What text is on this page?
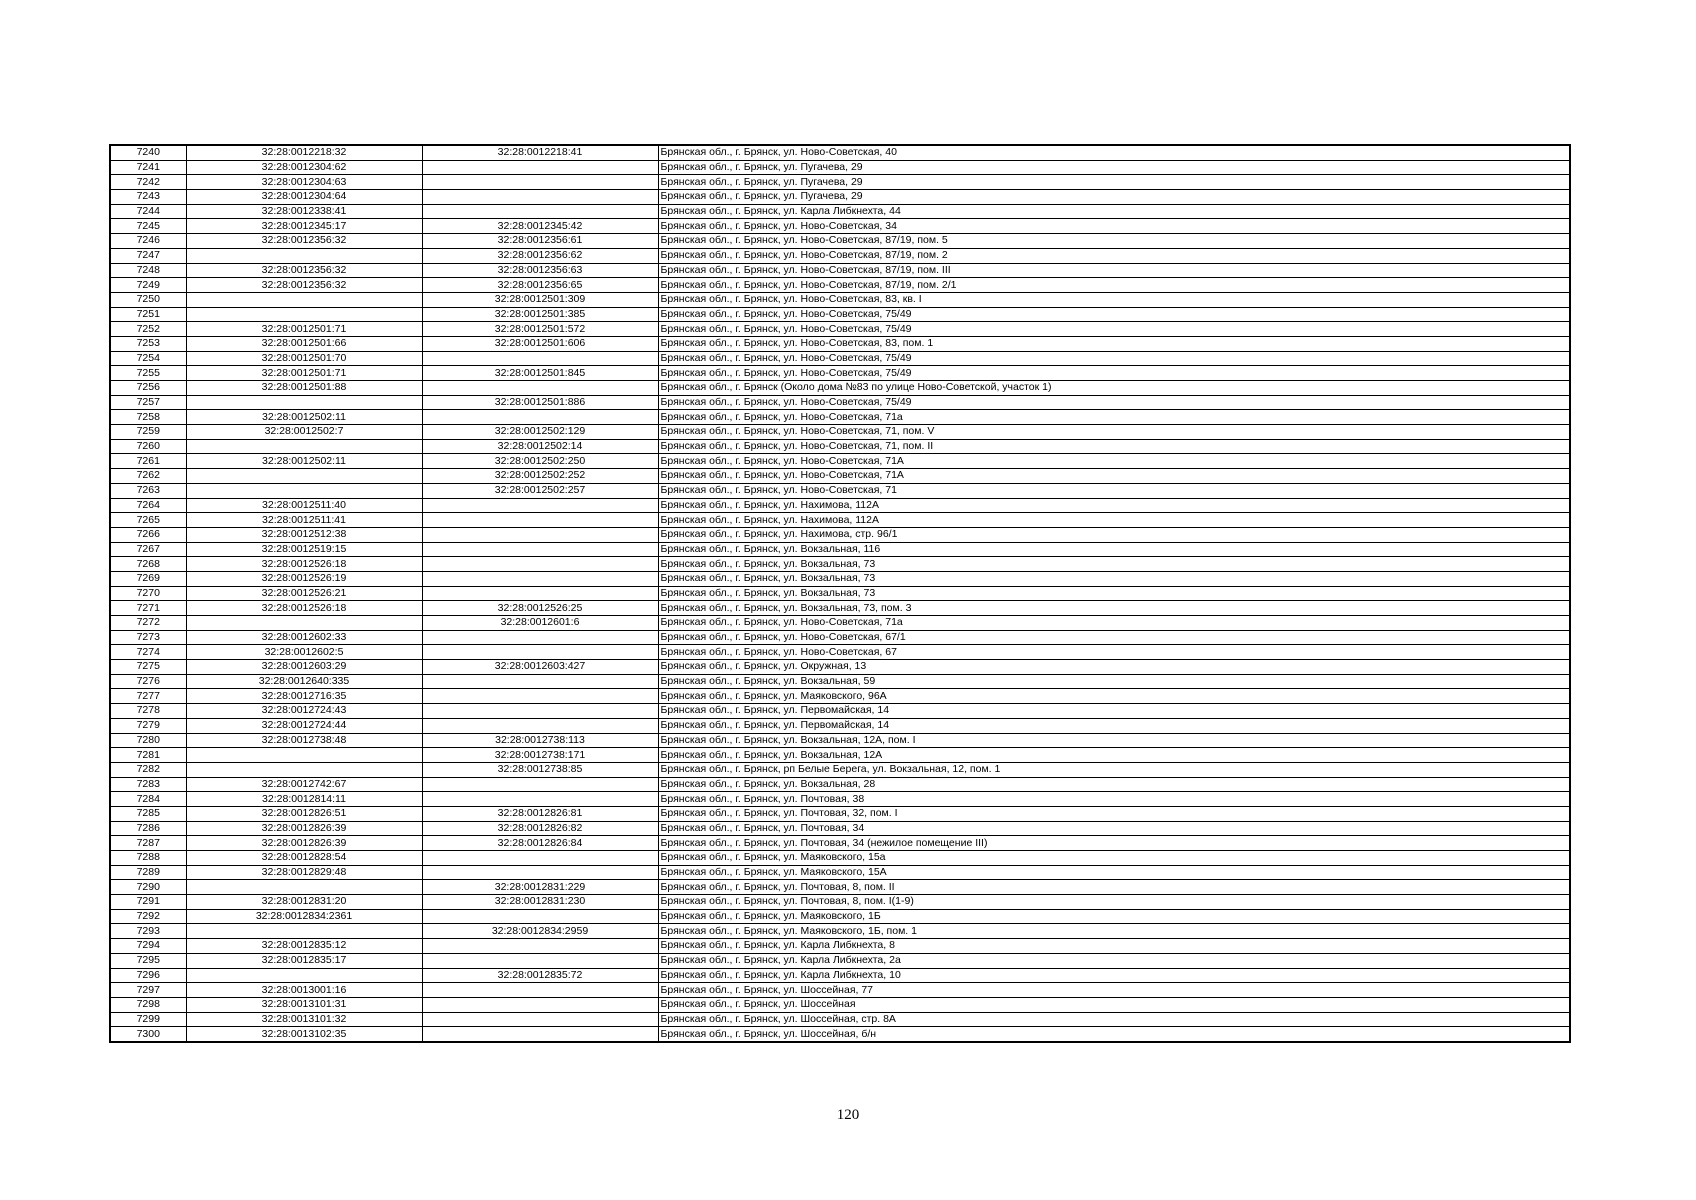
7240	32:28:0012218:32	32:28:0012218:41	Брянская обл., г. Брянск, ул. Ново-Советская, 40
7241	32:28:0012304:62		Брянская обл., г. Брянск, ул. Пугачева, 29
7242	32:28:0012304:63		Брянская обл., г. Брянск, ул. Пугачева, 29
7243	32:28:0012304:64		Брянская обл., г. Брянск, ул. Пугачева, 29
7244	32:28:0012338:41		Брянская обл., г. Брянск, ул. Карла Либкнехта, 44
7245	32:28:0012345:17	32:28:0012345:42	Брянская обл., г. Брянск, ул. Ново-Советская, 34
7246	32:28:0012356:32	32:28:0012356:61	Брянская обл., г. Брянск, ул. Ново-Советская, 87/19, пом. 5
7247		32:28:0012356:62	Брянская обл., г. Брянск, ул. Ново-Советская, 87/19, пом. 2
7248	32:28:0012356:32	32:28:0012356:63	Брянская обл., г. Брянск, ул. Ново-Советская, 87/19, пом. III
7249	32:28:0012356:32	32:28:0012356:65	Брянская обл., г. Брянск, ул. Ново-Советская, 87/19, пом. 2/1
7250		32:28:0012501:309	Брянская обл., г. Брянск, ул. Ново-Советская, 83, кв. I
7251		32:28:0012501:385	Брянская обл., г. Брянск, ул. Ново-Советская, 75/49
7252	32:28:0012501:71	32:28:0012501:572	Брянская обл., г. Брянск, ул. Ново-Советская, 75/49
7253	32:28:0012501:66	32:28:0012501:606	Брянская обл., г. Брянск, ул. Ново-Советская, 83, пом. 1
7254	32:28:0012501:70		Брянская обл., г. Брянск, ул. Ново-Советская, 75/49
7255	32:28:0012501:71	32:28:0012501:845	Брянская обл., г. Брянск, ул. Ново-Советская, 75/49
7256	32:28:0012501:88		Брянская обл., г. Брянск (Около дома №83 по улице Ново-Советской, участок 1)
7257		32:28:0012501:886	Брянская обл., г. Брянск, ул. Ново-Советская, 75/49
7258	32:28:0012502:11		Брянская обл., г. Брянск, ул. Ново-Советская, 71а
7259	32:28:0012502:7	32:28:0012502:129	Брянская обл., г. Брянск, ул. Ново-Советская, 71, пом. V
7260		32:28:0012502:14	Брянская обл., г. Брянск, ул. Ново-Советская, 71, пом. II
7261	32:28:0012502:11	32:28:0012502:250	Брянская обл., г. Брянск, ул. Ново-Советская, 71А
7262		32:28:0012502:252	Брянская обл., г. Брянск, ул. Ново-Советская, 71А
7263		32:28:0012502:257	Брянская обл., г. Брянск, ул. Ново-Советская, 71
7264	32:28:0012511:40		Брянская обл., г. Брянск, ул. Нахимова, 112А
7265	32:28:0012511:41		Брянская обл., г. Брянск, ул. Нахимова, 112А
7266	32:28:0012512:38		Брянская обл., г. Брянск, ул. Нахимова, стр. 96/1
7267	32:28:0012519:15		Брянская обл., г. Брянск, ул. Вокзальная, 116
7268	32:28:0012526:18		Брянская обл., г. Брянск, ул. Вокзальная, 73
7269	32:28:0012526:19		Брянская обл., г. Брянск, ул. Вокзальная, 73
7270	32:28:0012526:21		Брянская обл., г. Брянск, ул. Вокзальная, 73
7271	32:28:0012526:18	32:28:0012526:25	Брянская обл., г. Брянск, ул. Вокзальная, 73, пом. 3
7272		32:28:0012601:6	Брянская обл., г. Брянск, ул. Ново-Советская, 71а
7273	32:28:0012602:33		Брянская обл., г. Брянск, ул. Ново-Советская, 67/1
7274	32:28:0012602:5		Брянская обл., г. Брянск, ул. Ново-Советская, 67
7275	32:28:0012603:29	32:28:0012603:427	Брянская обл., г. Брянск, ул. Окружная, 13
7276	32:28:0012640:335		Брянская обл., г. Брянск, ул. Вокзальная, 59
7277	32:28:0012716:35		Брянская обл., г. Брянск, ул. Маяковского, 96А
7278	32:28:0012724:43		Брянская обл., г. Брянск, ул. Первомайская, 14
7279	32:28:0012724:44		Брянская обл., г. Брянск, ул. Первомайская, 14
7280	32:28:0012738:48	32:28:0012738:113	Брянская обл., г. Брянск, ул. Вокзальная, 12А, пом. I
7281		32:28:0012738:171	Брянская обл., г. Брянск, ул. Вокзальная, 12А
7282		32:28:0012738:85	Брянская обл., г. Брянск, рп Белые Берега, ул. Вокзальная, 12, пом. 1
7283	32:28:0012742:67		Брянская обл., г. Брянск, ул. Вокзальная, 28
7284	32:28:0012814:11		Брянская обл., г. Брянск, ул. Почтовая, 38
7285	32:28:0012826:51	32:28:0012826:81	Брянская обл., г. Брянск, ул. Почтовая, 32, пом. I
7286	32:28:0012826:39	32:28:0012826:82	Брянская обл., г. Брянск, ул. Почтовая, 34
7287	32:28:0012826:39	32:28:0012826:84	Брянская обл., г. Брянск, ул. Почтовая, 34 (нежилое помещение III)
7288	32:28:0012828:54		Брянская обл., г. Брянск, ул. Маяковского, 15а
7289	32:28:0012829:48		Брянская обл., г. Брянск, ул. Маяковского, 15А
7290		32:28:0012831:229	Брянская обл., г. Брянск, ул. Почтовая, 8, пом. II
7291	32:28:0012831:20	32:28:0012831:230	Брянская обл., г. Брянск, ул. Почтовая, 8, пом. I(1-9)
7292	32:28:0012834:2361		Брянская обл., г. Брянск, ул. Маяковского, 1Б
7293		32:28:0012834:2959	Брянская обл., г. Брянск, ул. Маяковского, 1Б, пом. 1
7294	32:28:0012835:12		Брянская обл., г. Брянск, ул. Карла Либкнехта, 8
7295	32:28:0012835:17		Брянская обл., г. Брянск, ул. Карла Либкнехта, 2а
7296		32:28:0012835:72	Брянская обл., г. Брянск, ул. Карла Либкнехта, 10
7297	32:28:0013001:16		Брянская обл., г. Брянск, ул. Шоссейная, 77
7298	32:28:0013101:31		Брянская обл., г. Брянск, ул. Шоссейная
7299	32:28:0013101:32		Брянская обл., г. Брянск, ул. Шоссейная, стр. 8А
7300	32:28:0013102:35		Брянская обл., г. Брянск, ул. Шоссейная, б/н
120
